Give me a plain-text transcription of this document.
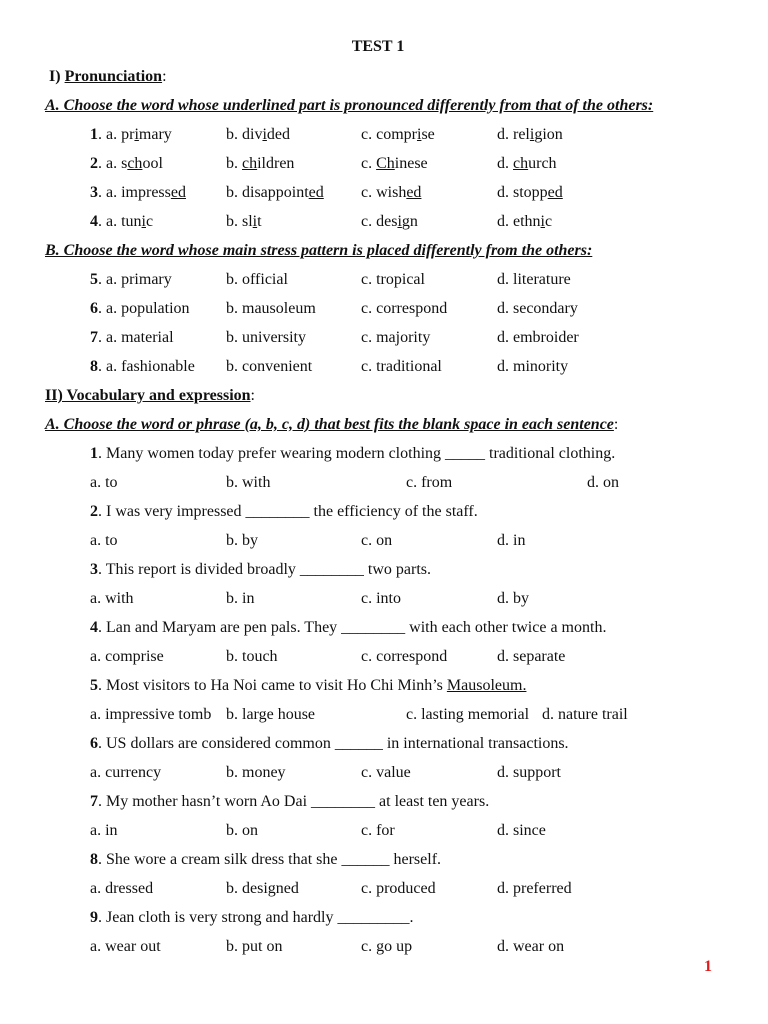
TEST 1
I) Pronunciation:
A. Choose the word whose underlined part is pronounced differently from that of the others:
1. a. primary	b. divided	c. comprise	d. religion
2. a. school	b. children	c. Chinese	d. church
3. a. impressed	b. disappointed c. wished	d. stopped
4. a. tunic	b. slit	c. design	d. ethnic
B. Choose the word whose main stress pattern is placed differently from the others:
5. a. primary	b. official	c. tropical	d. literature
6. a. population b. mausoleum	c. correspond	d. secondary
7. a. material	b. university	c. majority	d. embroider
8. a. fashionable b. convenient	c. traditional	d. minority
II) Vocabulary and expression:
A. Choose the word or phrase (a, b, c, d) that best fits the blank space in each sentence:
1. Many women today prefer wearing modern clothing _____ traditional clothing.
a. to	b. with	c. from	d. on
2. I was very impressed ________ the efficiency of the staff.
a. to	b. by	c. on	d. in
3. This report is divided broadly ________ two parts.
a. with	b. in	c. into	d. by
4. Lan and Maryam are pen pals. They ________ with each other twice a month.
a. comprise	b. touch	c. correspond	d. separate
5. Most visitors to Ha Noi came to visit Ho Chi Minh’s Mausoleum.
a. impressive tomb b. large house	c. lasting memorial d. nature trail
6. US dollars are considered common ______ in international transactions.
a. currency	b. money	c. value	d. support
7. My mother hasn’t worn Ao Dai ________ at least ten years.
a. in	b. on	c. for	d. since
8. She wore a cream silk dress that she ______ herself.
a. dressed	b. designed	c. produced	d. preferred
9. Jean cloth is very strong and hardly _________.
a. wear out	b. put on	c. go up	d. wear on
1
